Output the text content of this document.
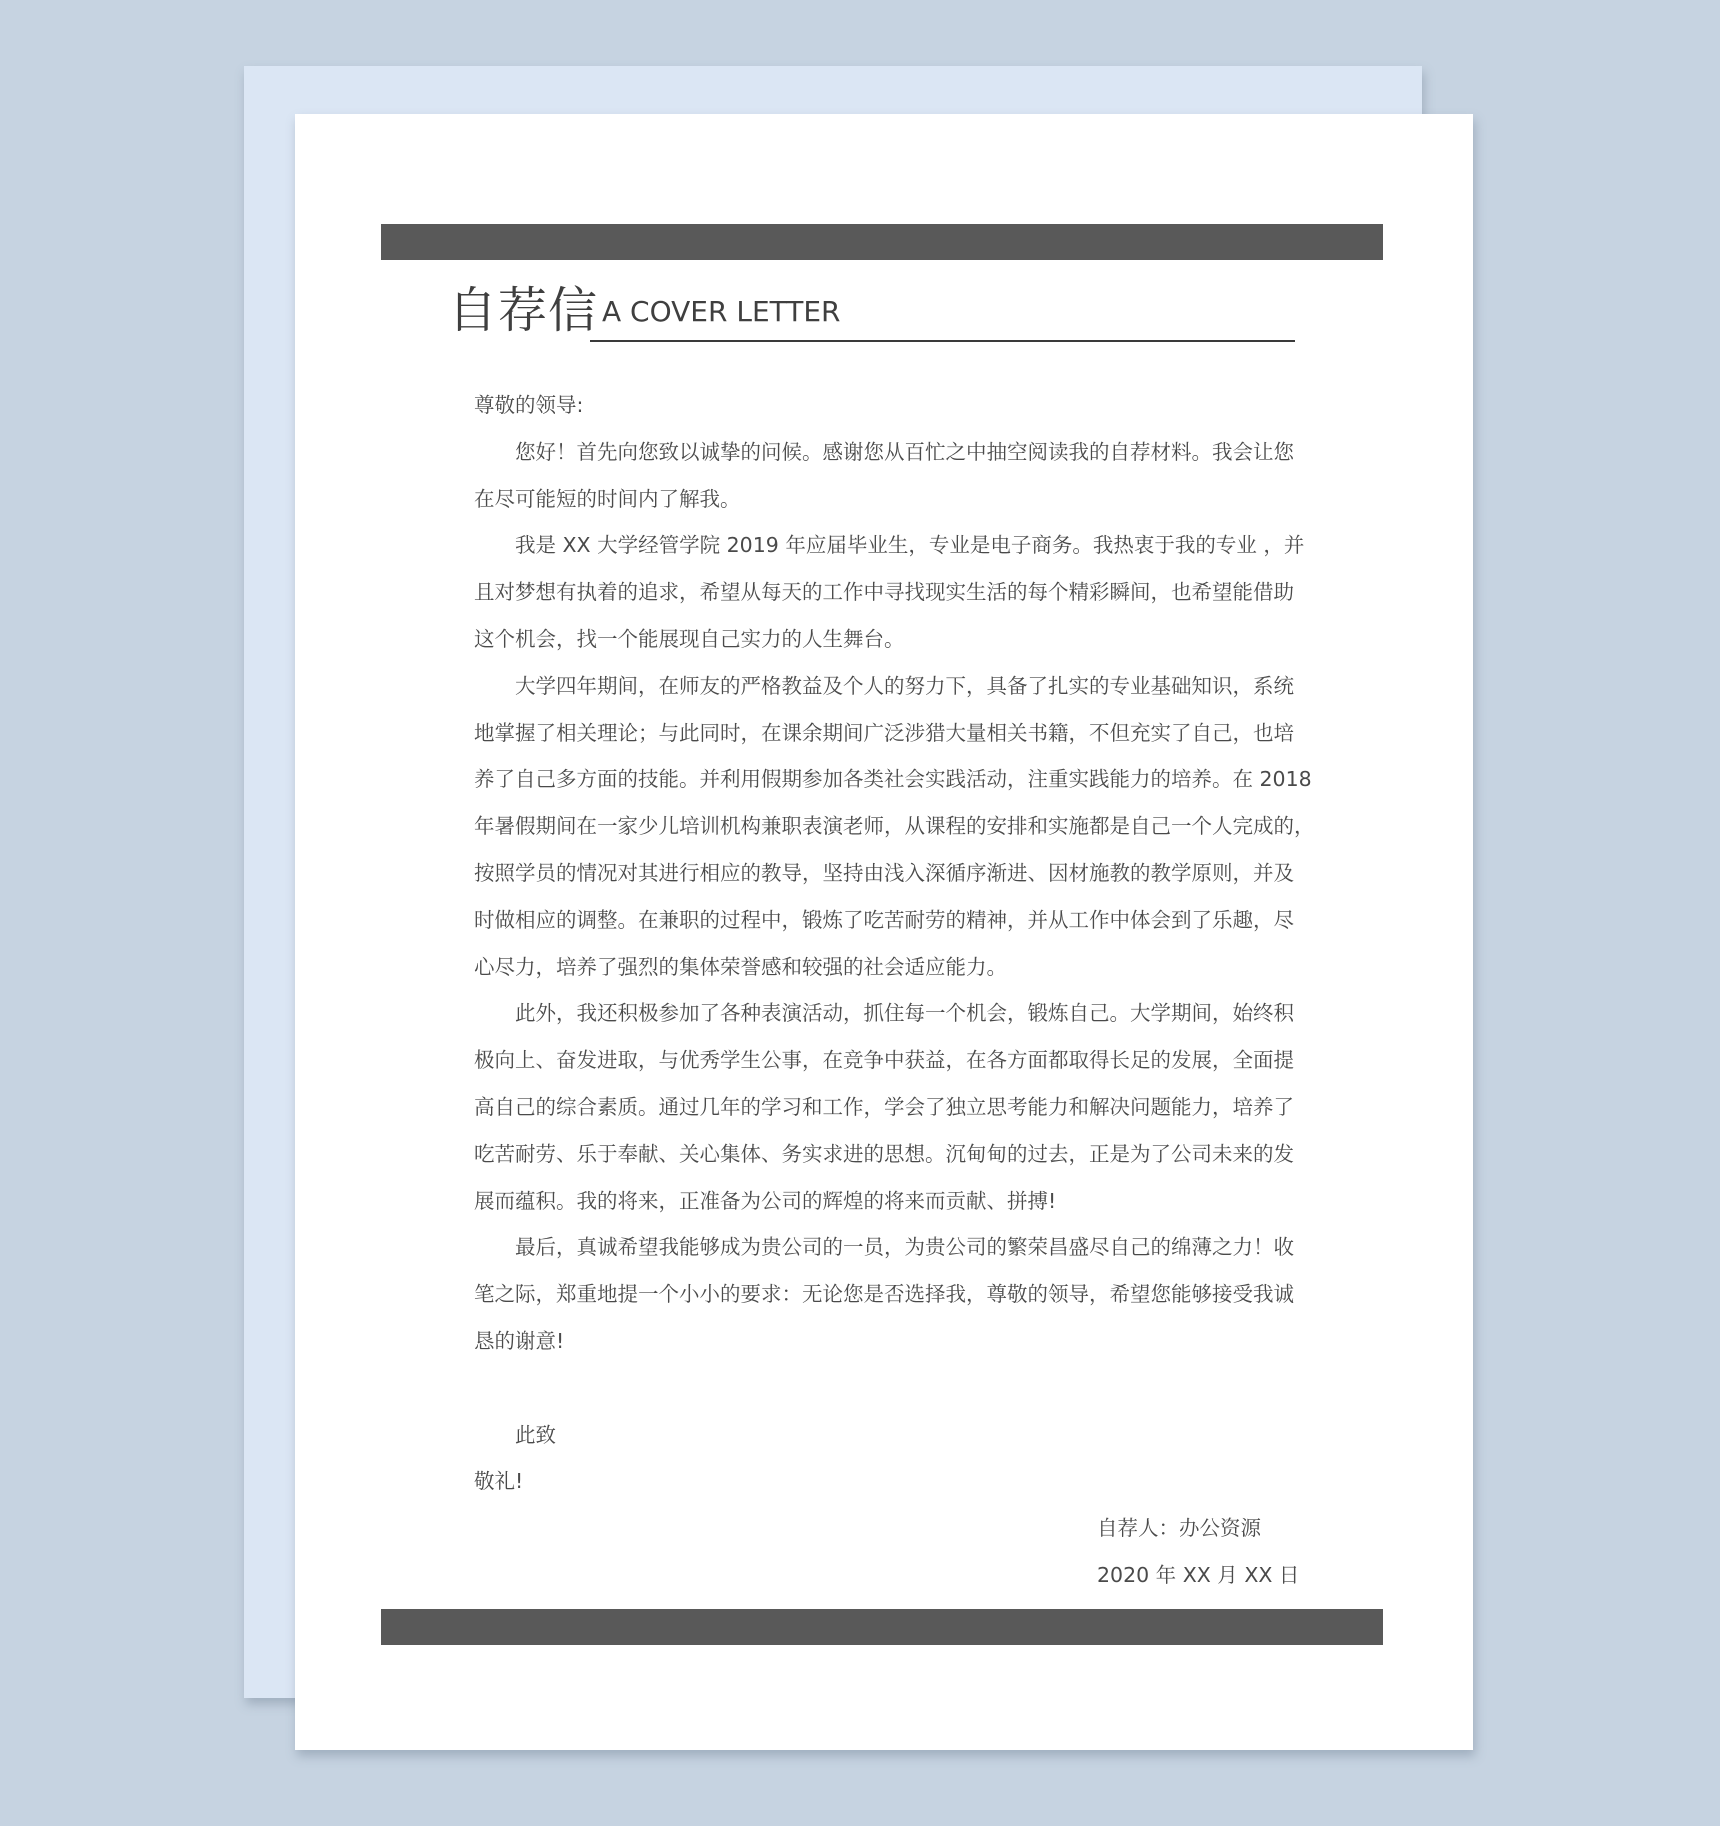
自荐信 A COVER LETTER
尊敬的领导:
您好！首先向您致以诚挚的问候。感谢您从百忙之中抽空阅读我的自荐材料。我会让您
在尽可能短的时间内了解我。
我是 XX 大学经管学院 2019 年应届毕业生，专业是电子商务。我热衷于我的专业 ，并
且对梦想有执着的追求，希望从每天的工作中寻找现实生活的每个精彩瞬间，也希望能借助
这个机会，找一个能展现自己实力的人生舞台。
大学四年期间，在师友的严格教益及个人的努力下，具备了扎实的专业基础知识，系统
地掌握了相关理论；与此同时，在课余期间广泛涉猎大量相关书籍，不但充实了自己，也培
养了自己多方面的技能。并利用假期参加各类社会实践活动，注重实践能力的培养。在 2018
年暑假期间在一家少儿培训机构兼职表演老师，从课程的安排和实施都是自己一个人完成的，
按照学员的情况对其进行相应的教导，坚持由浅入深循序渐进、因材施教的教学原则，并及
时做相应的调整。在兼职的过程中，锻炼了吃苦耐劳的精神，并从工作中体会到了乐趣，尽
心尽力，培养了强烈的集体荣誉感和较强的社会适应能力。
此外，我还积极参加了各种表演活动，抓住每一个机会，锻炼自己。大学期间，始终积
极向上、奋发进取，与优秀学生公事，在竞争中获益，在各方面都取得长足的发展，全面提
高自己的综合素质。通过几年的学习和工作，学会了独立思考能力和解决问题能力，培养了
吃苦耐劳、乐于奉献、关心集体、务实求进的思想。沉甸甸的过去，正是为了公司未来的发
展而蕴积。我的将来，正准备为公司的辉煌的将来而贡献、拼搏!
最后，真诚希望我能够成为贵公司的一员，为贵公司的繁荣昌盛尽自己的绵薄之力！收
笔之际，郑重地提一个小小的要求：无论您是否选择我，尊敬的领导，希望您能够接受我诚
恳的谢意!
此致
敬礼!
自荐人：办公资源
2020 年 XX 月 XX 日
